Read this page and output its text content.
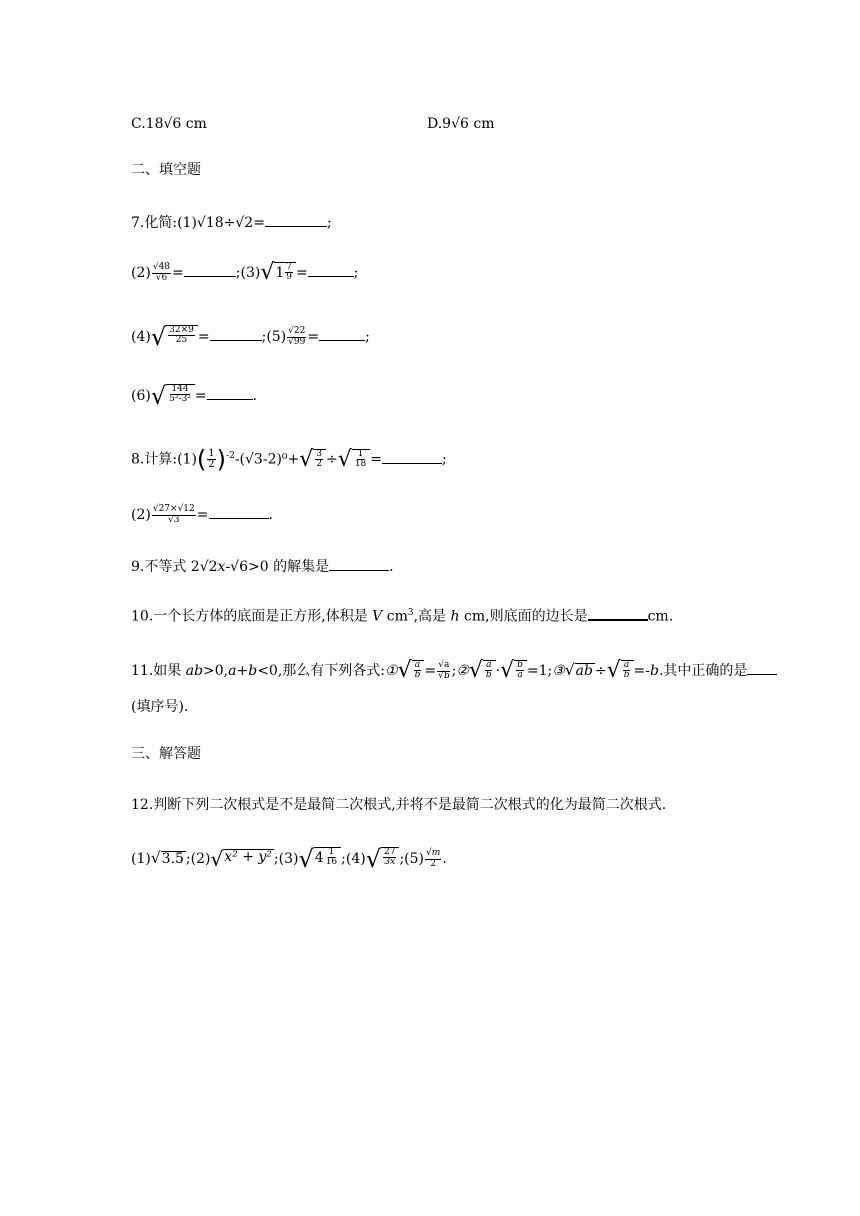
C.18√6 cm	D.9√6 cm
二、填空题
7.化简:(1)√18÷√2=	;
$(2) \frac{√48}{√6}$ =	;(3) √ $1 \frac{7}{9}$ =	;
(4) √ $\frac{32\times 9}{25}$ =	;(5) $\frac{√22}{√99}$ =	;
(6) √ $\frac{144}{\text{5²-3²}}$ =	.
8.计算:(1)( $\frac{1}{2} )^{-2}-(√3-2)^0+$ √ $\frac{3}{2}$ ÷ √ $\frac{1}{18}$ =	;
$(2) \frac{√27\times√12}{√3}$ =	.
9.不等式 2√2x-√6>0 的解集是	.
10.一个长方体的底面是正方形,体积是 V $cm^3$,高是 h cm,则底面的边长是	cm.
11.如果 ab>0,a+b<0,那么有下列各式:① √ $\frac{a}{b} = \frac{√a}{√b}$ ;② √ $\frac{a}{b}$ · √ $\frac{b}{a}$ =1;③ √ ab ÷ √ $\frac{a}{b} =-b$.其中正确的是
(填序号).
三、解答题
12.判断下列二次根式是不是最简二次根式,并将不是最简二次根式的化为最简二次根式.
(1) √ 3.5 ;(2) √ x² + y² ;(3) √ $4 \frac{1}{16}$ ;(4) √ $\frac{27}{3x}$ ;(5) $\frac{√m}{2}$ .
